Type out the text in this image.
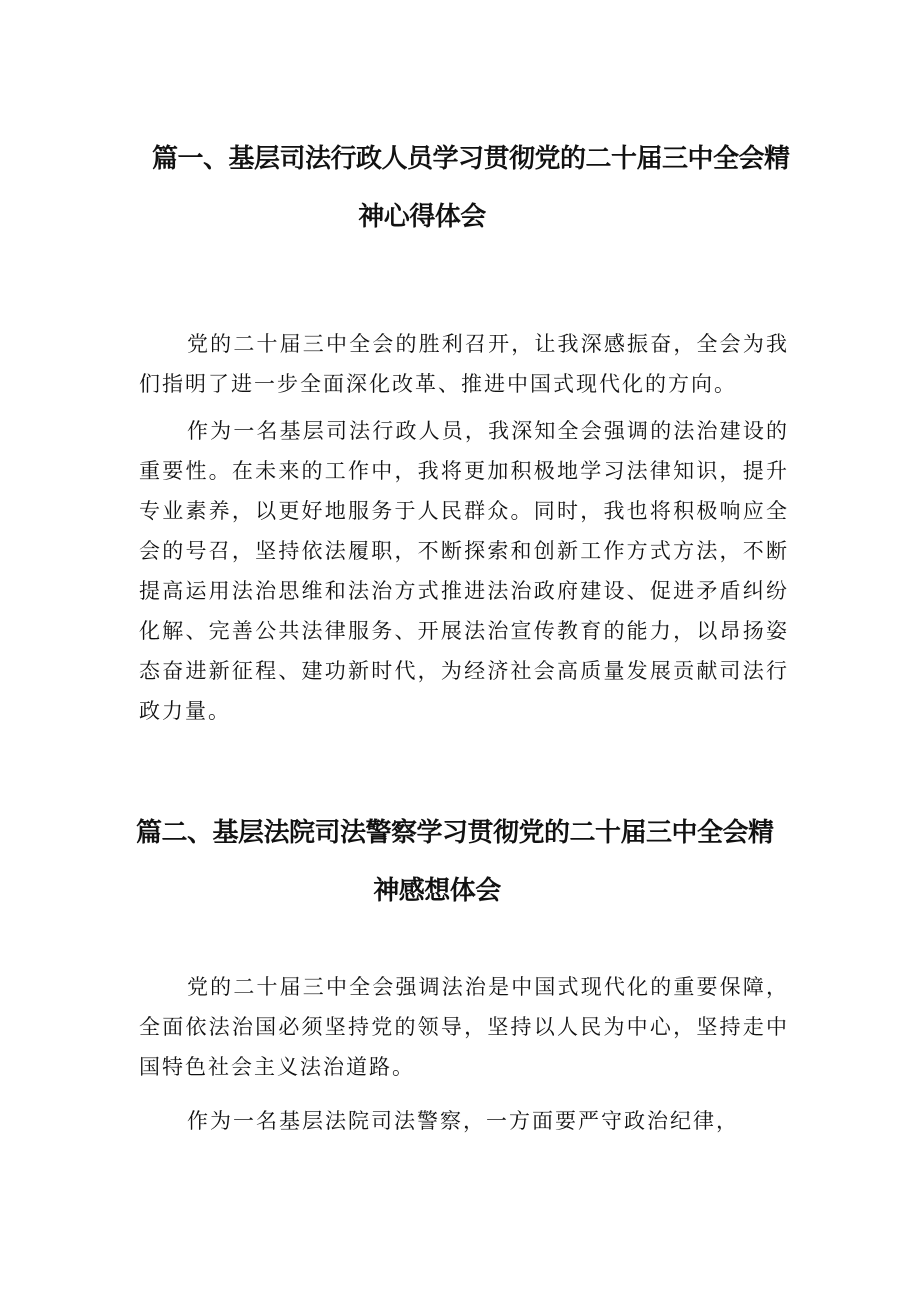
篇一、基层司法行政人员学习贯彻党的二十届三中全会精
神心得体会

党的二十届三中全会的胜利召开，让我深感振奋，全会为我们指明了进一步全面深化改革、推进中国式现代化的方向。

作为一名基层司法行政人员，我深知全会强调的法治建设的重要性。在未来的工作中，我将更加积极地学习法律知识，提升专业素养，以更好地服务于人民群众。同时，我也将积极响应全会的号召，坚持依法履职，不断探索和创新工作方式方法，不断提高运用法治思维和法治方式推进法治政府建设、促进矛盾纠纷化解、完善公共法律服务、开展法治宣传教育的能力，以昂扬姿态奋进新征程、建功新时代，为经济社会高质量发展贡献司法行政力量。

篇二、基层法院司法警察学习贯彻党的二十届三中全会精
神感想体会

党的二十届三中全会强调法治是中国式现代化的重要保障，全面依法治国必须坚持党的领导，坚持以人民为中心，坚持走中国特色社会主义法治道路。

作为一名基层法院司法警察，一方面要严守政治纪律，
